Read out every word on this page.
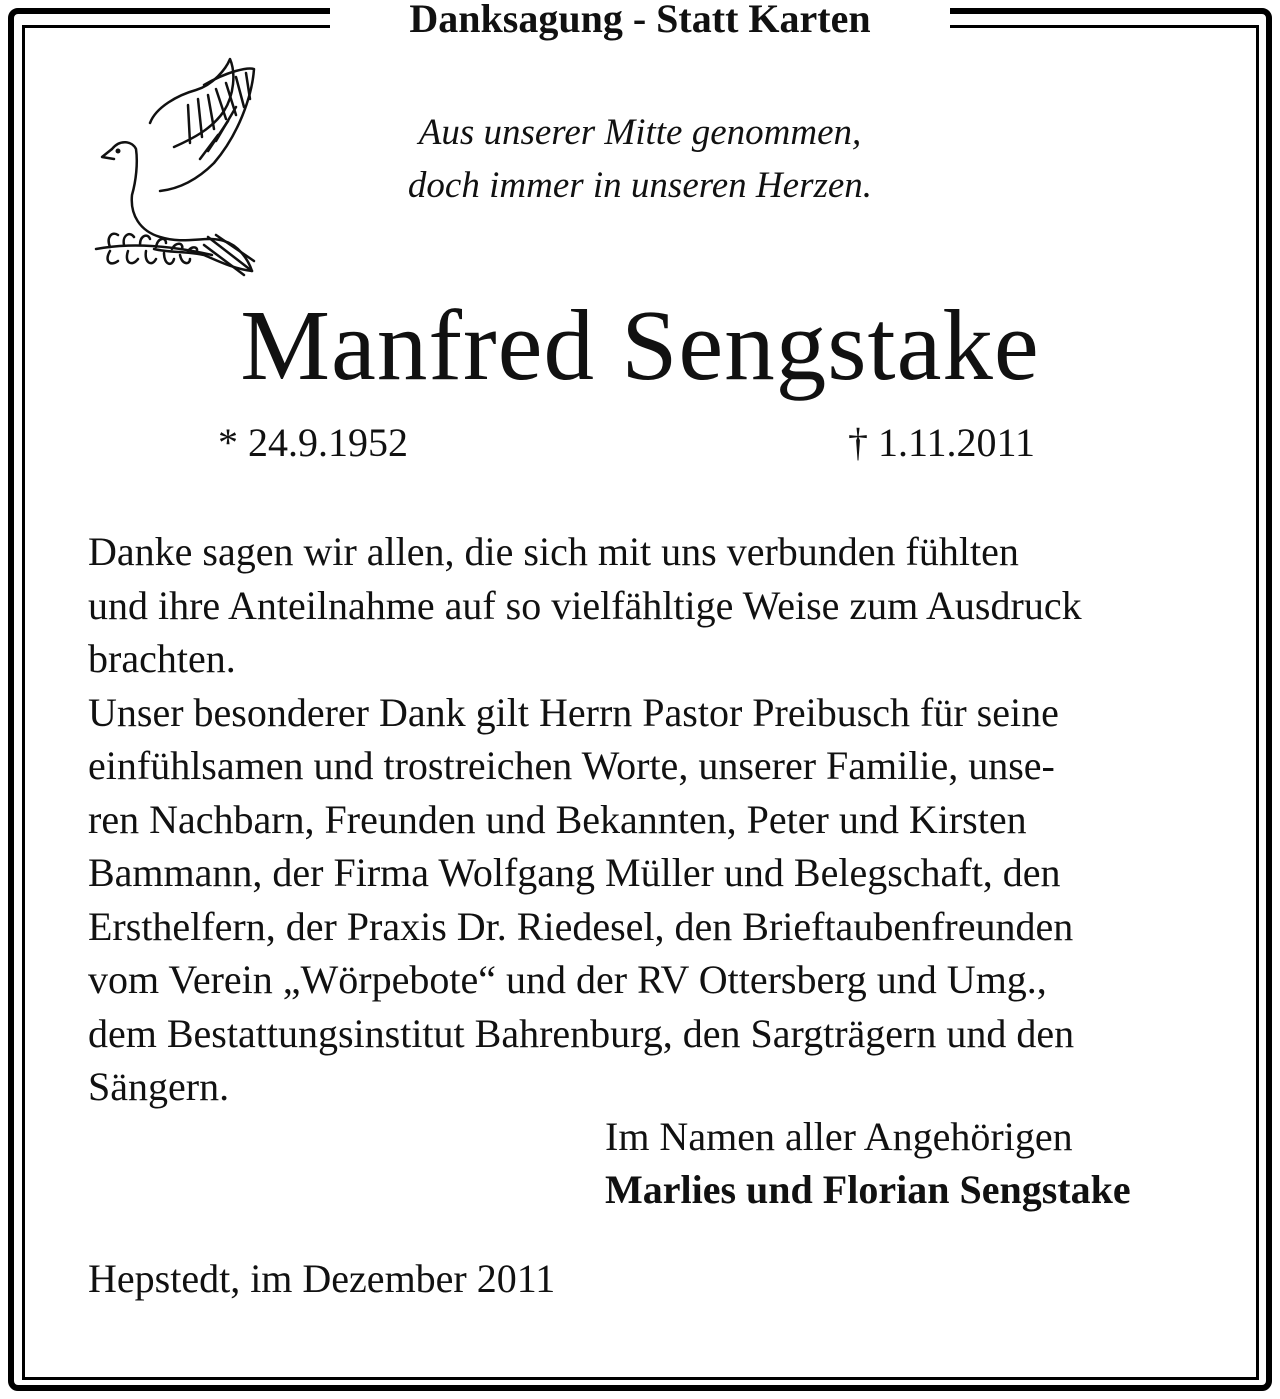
Danksagung - Statt Karten
Aus unserer Mitte genommen,
doch immer in unseren Herzen.
Manfred Sengstake
* 24.9.1952	† 1.11.2011
Danke sagen wir allen, die sich mit uns verbunden fühlten
und ihre Anteilnahme auf so vielfähltige Weise zum Ausdruck
brachten.
Unser besonderer Dank gilt Herrn Pastor Preibusch für seine
einfühlsamen und trostreichen Worte, unserer Familie, unse-
ren Nachbarn, Freunden und Bekannten, Peter und Kirsten
Bammann, der Firma Wolfgang Müller und Belegschaft, den
Ersthelfern, der Praxis Dr. Riedesel, den Brieftaubenfreunden
vom Verein „Wörpebote“ und der RV Ottersberg und Umg.,
dem Bestattungsinstitut Bahrenburg, den Sargträgern und den
Sängern.
Im Namen aller Angehörigen
Marlies und Florian Sengstake
Hepstedt, im Dezember 2011
